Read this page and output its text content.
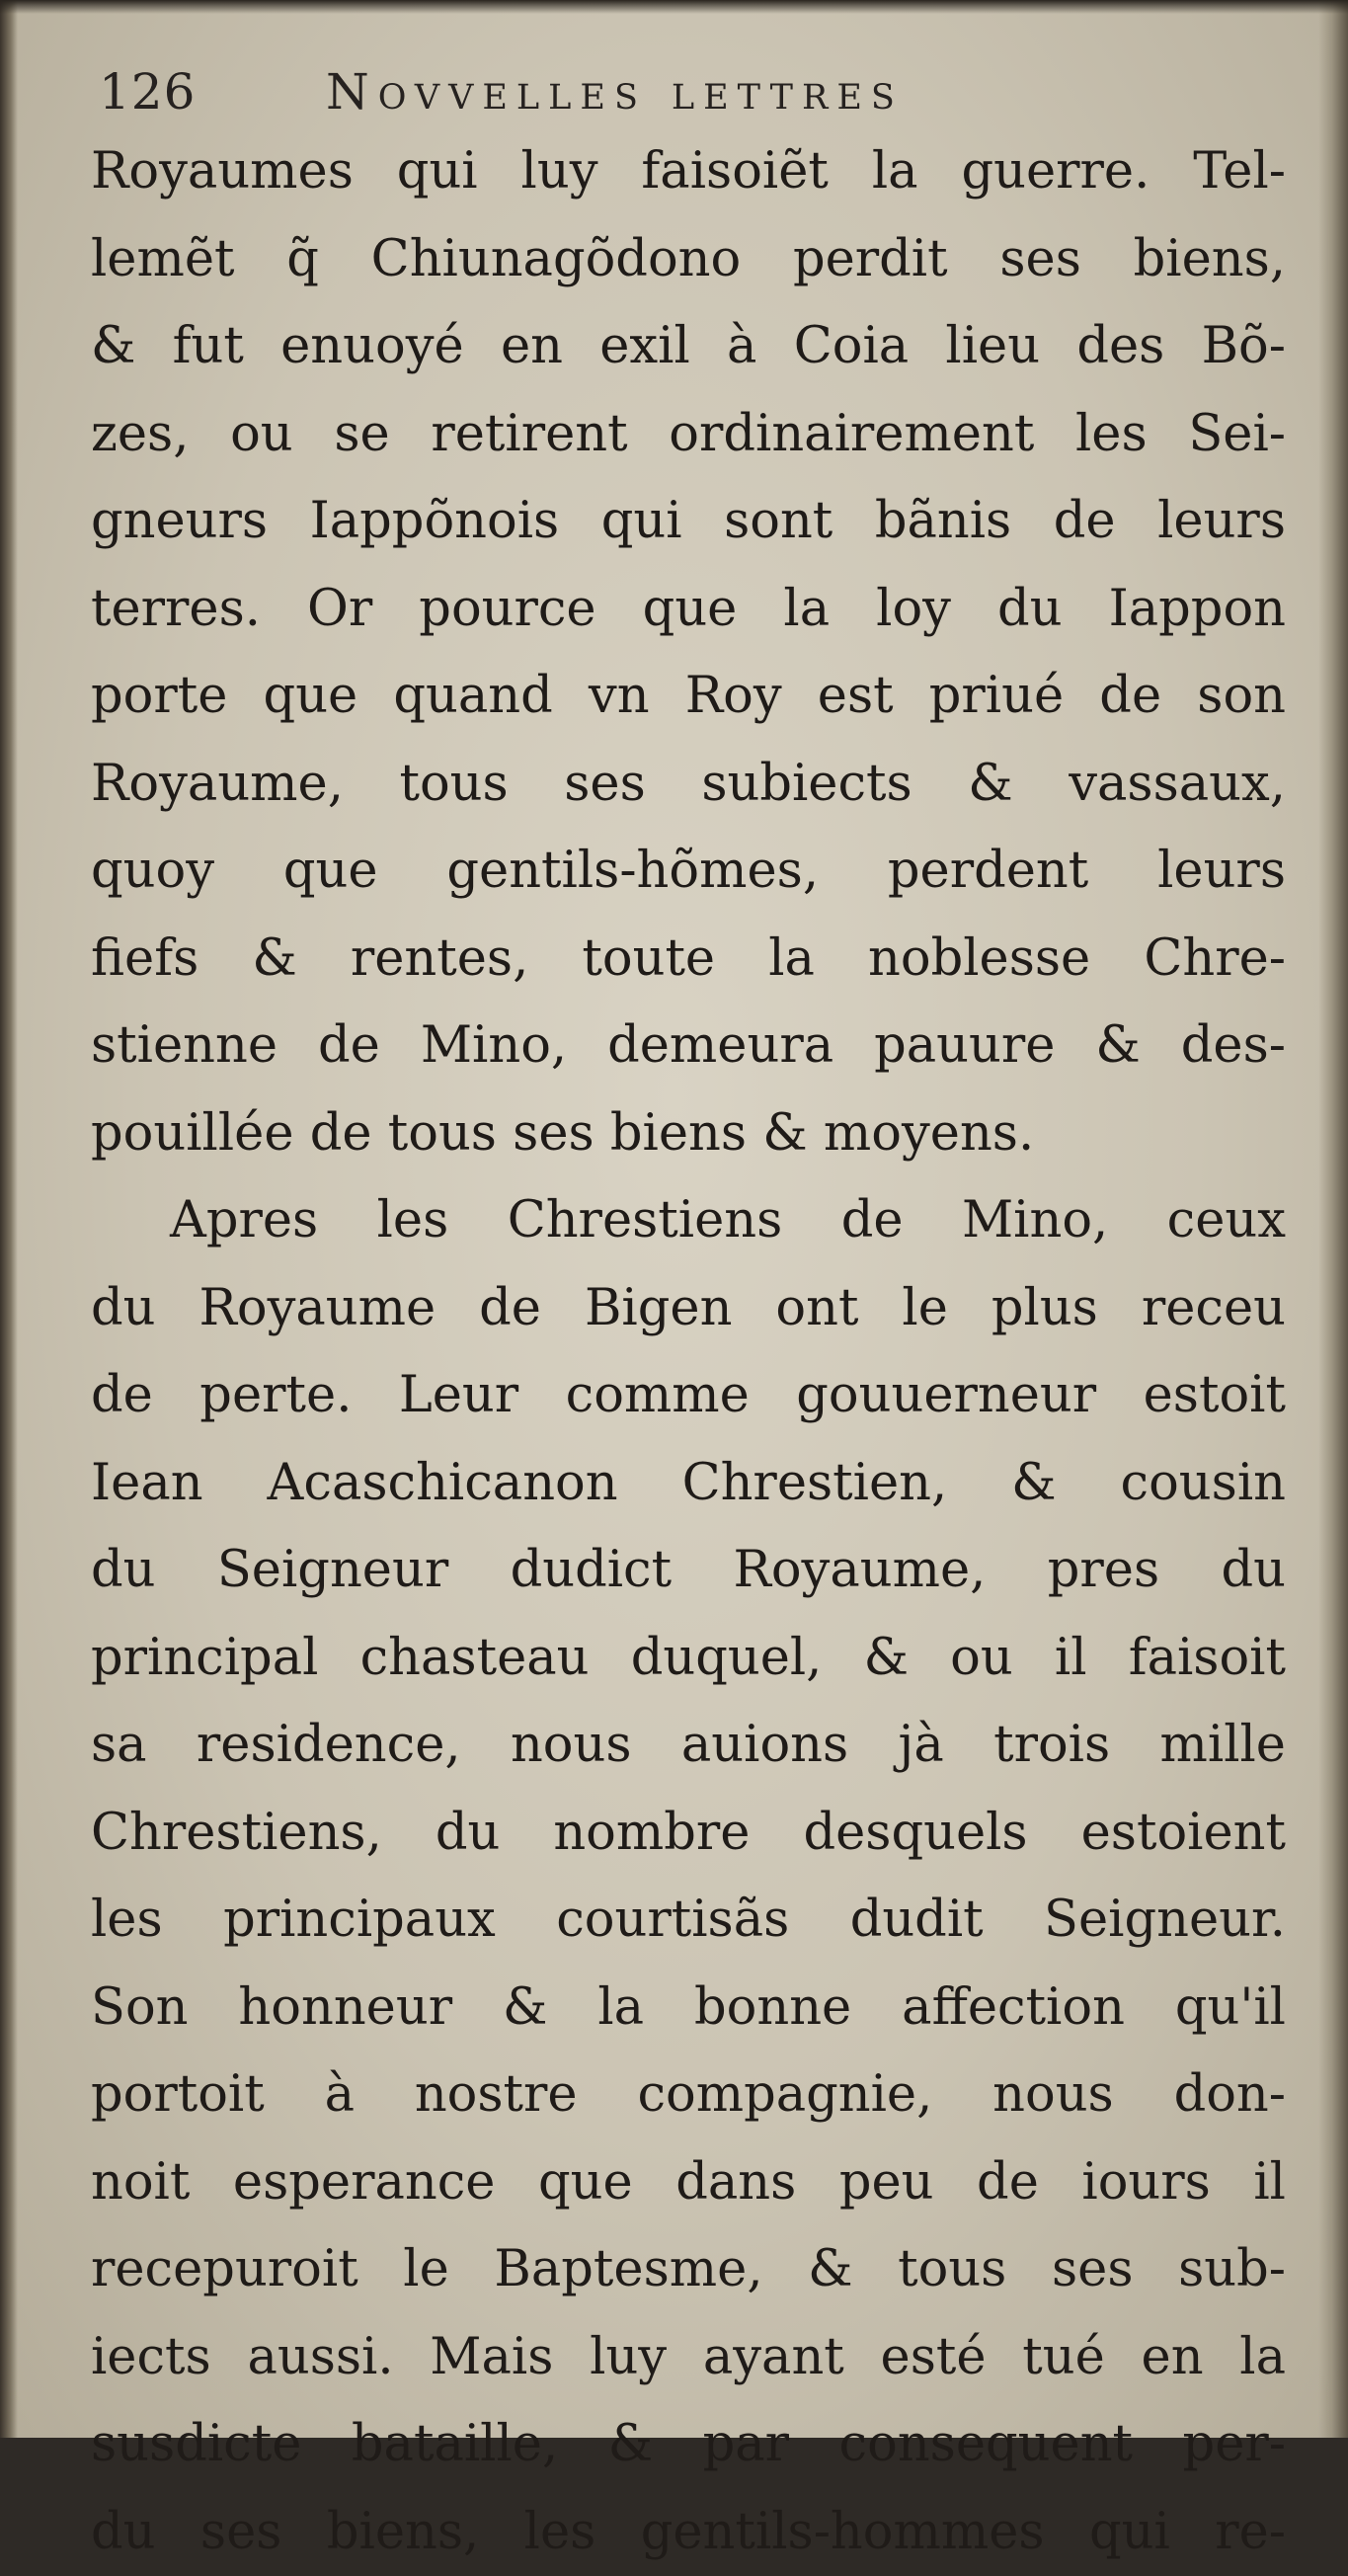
126	Novvelles lettres
Royaumes qui luy faisoiẽt la guerre. Tel-
lemẽt q̃ Chiunagõdono perdit ses biens,
& fut enuoyé en exil à Coia lieu des Bõ-
zes, ou se retirent ordinairement les Sei-
gneurs Iappõnois qui sont bãnis de leurs
terres. Or pource que la loy du Iappon
porte que quand vn Roy est priué de son
Royaume, tous ses subiects & vassaux,
quoy que gentils-hõmes, perdent leurs
fiefs & rentes, toute la noblesse Chre-
stienne de Mino, demeura pauure & des-
pouillée de tous ses biens & moyens.
Apres les Chrestiens de Mino, ceux
du Royaume de Bigen ont le plus receu
de perte. Leur comme gouuerneur estoit
Iean Acaschicanon Chrestien, & cousin
du Seigneur dudict Royaume, pres du
principal chasteau duquel, & ou il faisoit
sa residence, nous auions jà trois mille
Chrestiens, du nombre desquels estoient
les principaux courtisãs dudit Seigneur.
Son honneur & la bonne affection qu'il
portoit à nostre compagnie, nous don-
noit esperance que dans peu de iours il
recepuroit le Baptesme, & tous ses sub-
iects aussi. Mais luy ayant esté tué en la
susdicte bataille, & par consequent per-
du ses biens, les gentils-hommes qui re-
